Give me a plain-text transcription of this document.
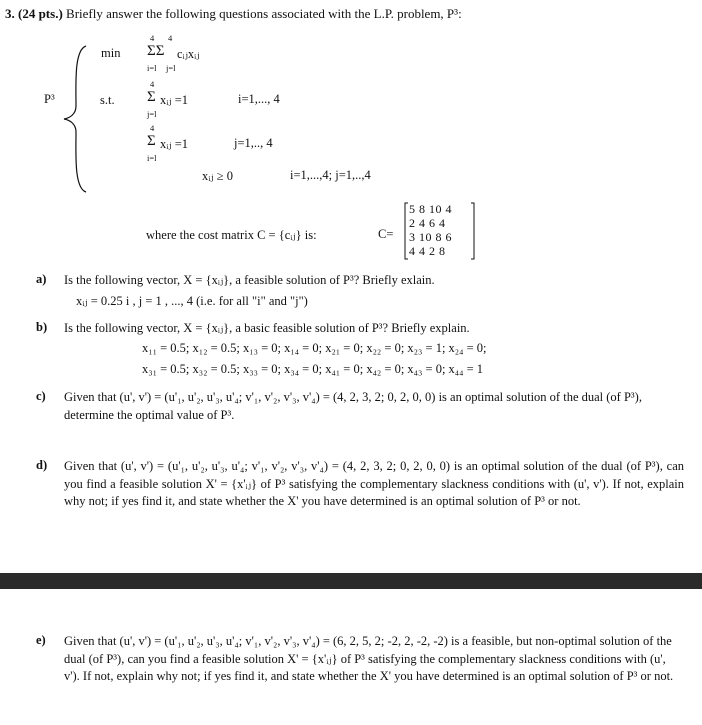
3. (24 pts.) Briefly answer the following questions associated with the L.P. problem, P³:
P³
min
4 4
ΣΣ cᵢⱼxᵢⱼ
i=l j=l
s.t.
4
Σ xᵢⱼ =1
j=l
i=1,..., 4
4
Σ xᵢⱼ =1
i=l
j=1,.., 4
xᵢⱼ ≥ 0	i=1,...,4; j=1,..,4
where the cost matrix C = {cᵢⱼ} is:	C=
5 8 10 4
2 4 6 4
3 10 8 6
4 4 2 8
a) Is the following vector, X = {xᵢⱼ}, a feasible solution of P³? Briefly exlain.
xᵢⱼ = 0.25 i , j = 1 , ..., 4 (i.e. for all "i" and "j")
b) Is the following vector, X = {xᵢⱼ}, a basic feasible solution of P³? Briefly explain.
x₁₁ = 0.5; x₁₂ = 0.5; x₁₃ = 0; x₁₄ = 0; x₂₁ = 0; x₂₂ = 0; x₂₃ = 1; x₂₄ = 0;
x₃₁ = 0.5; x₃₂ = 0.5; x₃₃ = 0; x₃₄ = 0; x₄₁ = 0; x₄₂ = 0; x₄₃ = 0; x₄₄ = 1
c) Given that (u', v') = (u'₁, u'₂, u'₃, u'₄; v'₁, v'₂, v'₃, v'₄) = (4, 2, 3, 2; 0, 2, 0, 0) is an optimal solution of the dual (of P³), determine the optimal value of P³.
d) Given that (u', v') = (u'₁, u'₂, u'₃, u'₄; v'₁, v'₂, v'₃, v'₄) = (4, 2, 3, 2; 0, 2, 0, 0) is an optimal solution of the dual (of P³), can you find a feasible solution X' = {x'ᵢⱼ} of P³ satisfying the complementary slackness conditions with (u', v'). If not, explain why not; if yes find it, and state whether the X' you have determined is an optimal solution of P³ or not.
e) Given that (u', v') = (u'₁, u'₂, u'₃, u'₄; v'₁, v'₂, v'₃, v'₄) = (6, 2, 5, 2; -2, 2, -2, -2) is a feasible, but non-optimal solution of the dual (of P³), can you find a feasible solution X' = {x'ᵢⱼ} of P³ satisfying the complementary slackness conditions with (u', v'). If not, explain why not; if yes find it, and state whether the X' you have determined is an optimal solution of P³ or not.
